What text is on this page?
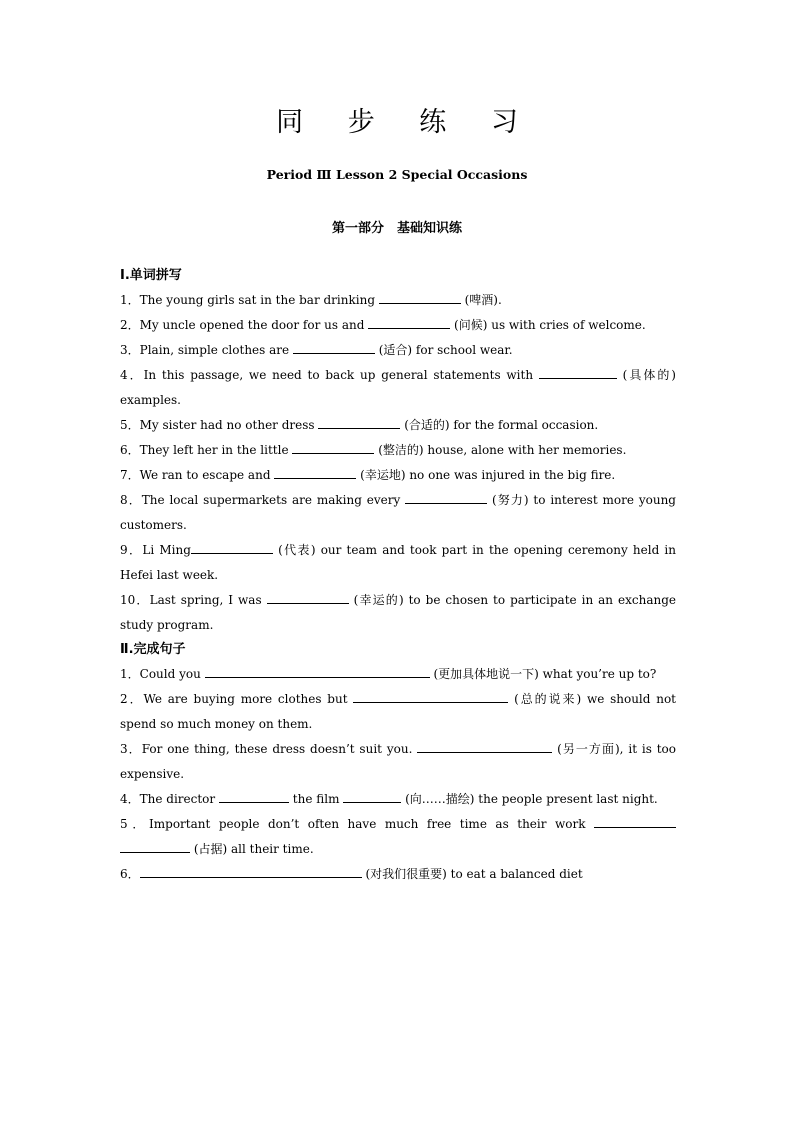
同 步 练 习
Period Ⅲ Lesson 2 Special Occasions
第一部分　基础知识练
Ⅰ.单词拼写
1．The young girls sat in the bar drinking	(啤酒).
2．My uncle opened the door for us and	(问候) us with cries of welcome.
3．Plain, simple clothes are	(适合) for school wear.
4．In this passage, we need to back up general statements with	(具体的) examples.
5．My sister had no other dress	(合适的) for the formal occasion.
6．They left her in the little	(整洁的) house, alone with her memories.
7．We ran to escape and	(幸运地) no one was injured in the big fire.
8．The local supermarkets are making every	(努力) to interest more young customers.
9．Li Ming	(代表) our team and took part in the opening ceremony held in Hefei last week.
10．Last spring, I was	(幸运的) to be chosen to participate in an exchange study program.
Ⅱ.完成句子
1．Could you	(更加具体地说一下) what you’re up to?
2．We are buying more clothes but	(总的说来) we should not spend so much money on them.
3．For one thing, these dress doesn’t suit you.	(另一方面), it is too expensive.
4．The director	the film	(向……描绘) the people present last night.
5．Important people don’t often have much free time as their work   (占据) all their time.
6．	(对我们很重要) to eat a balanced diet
